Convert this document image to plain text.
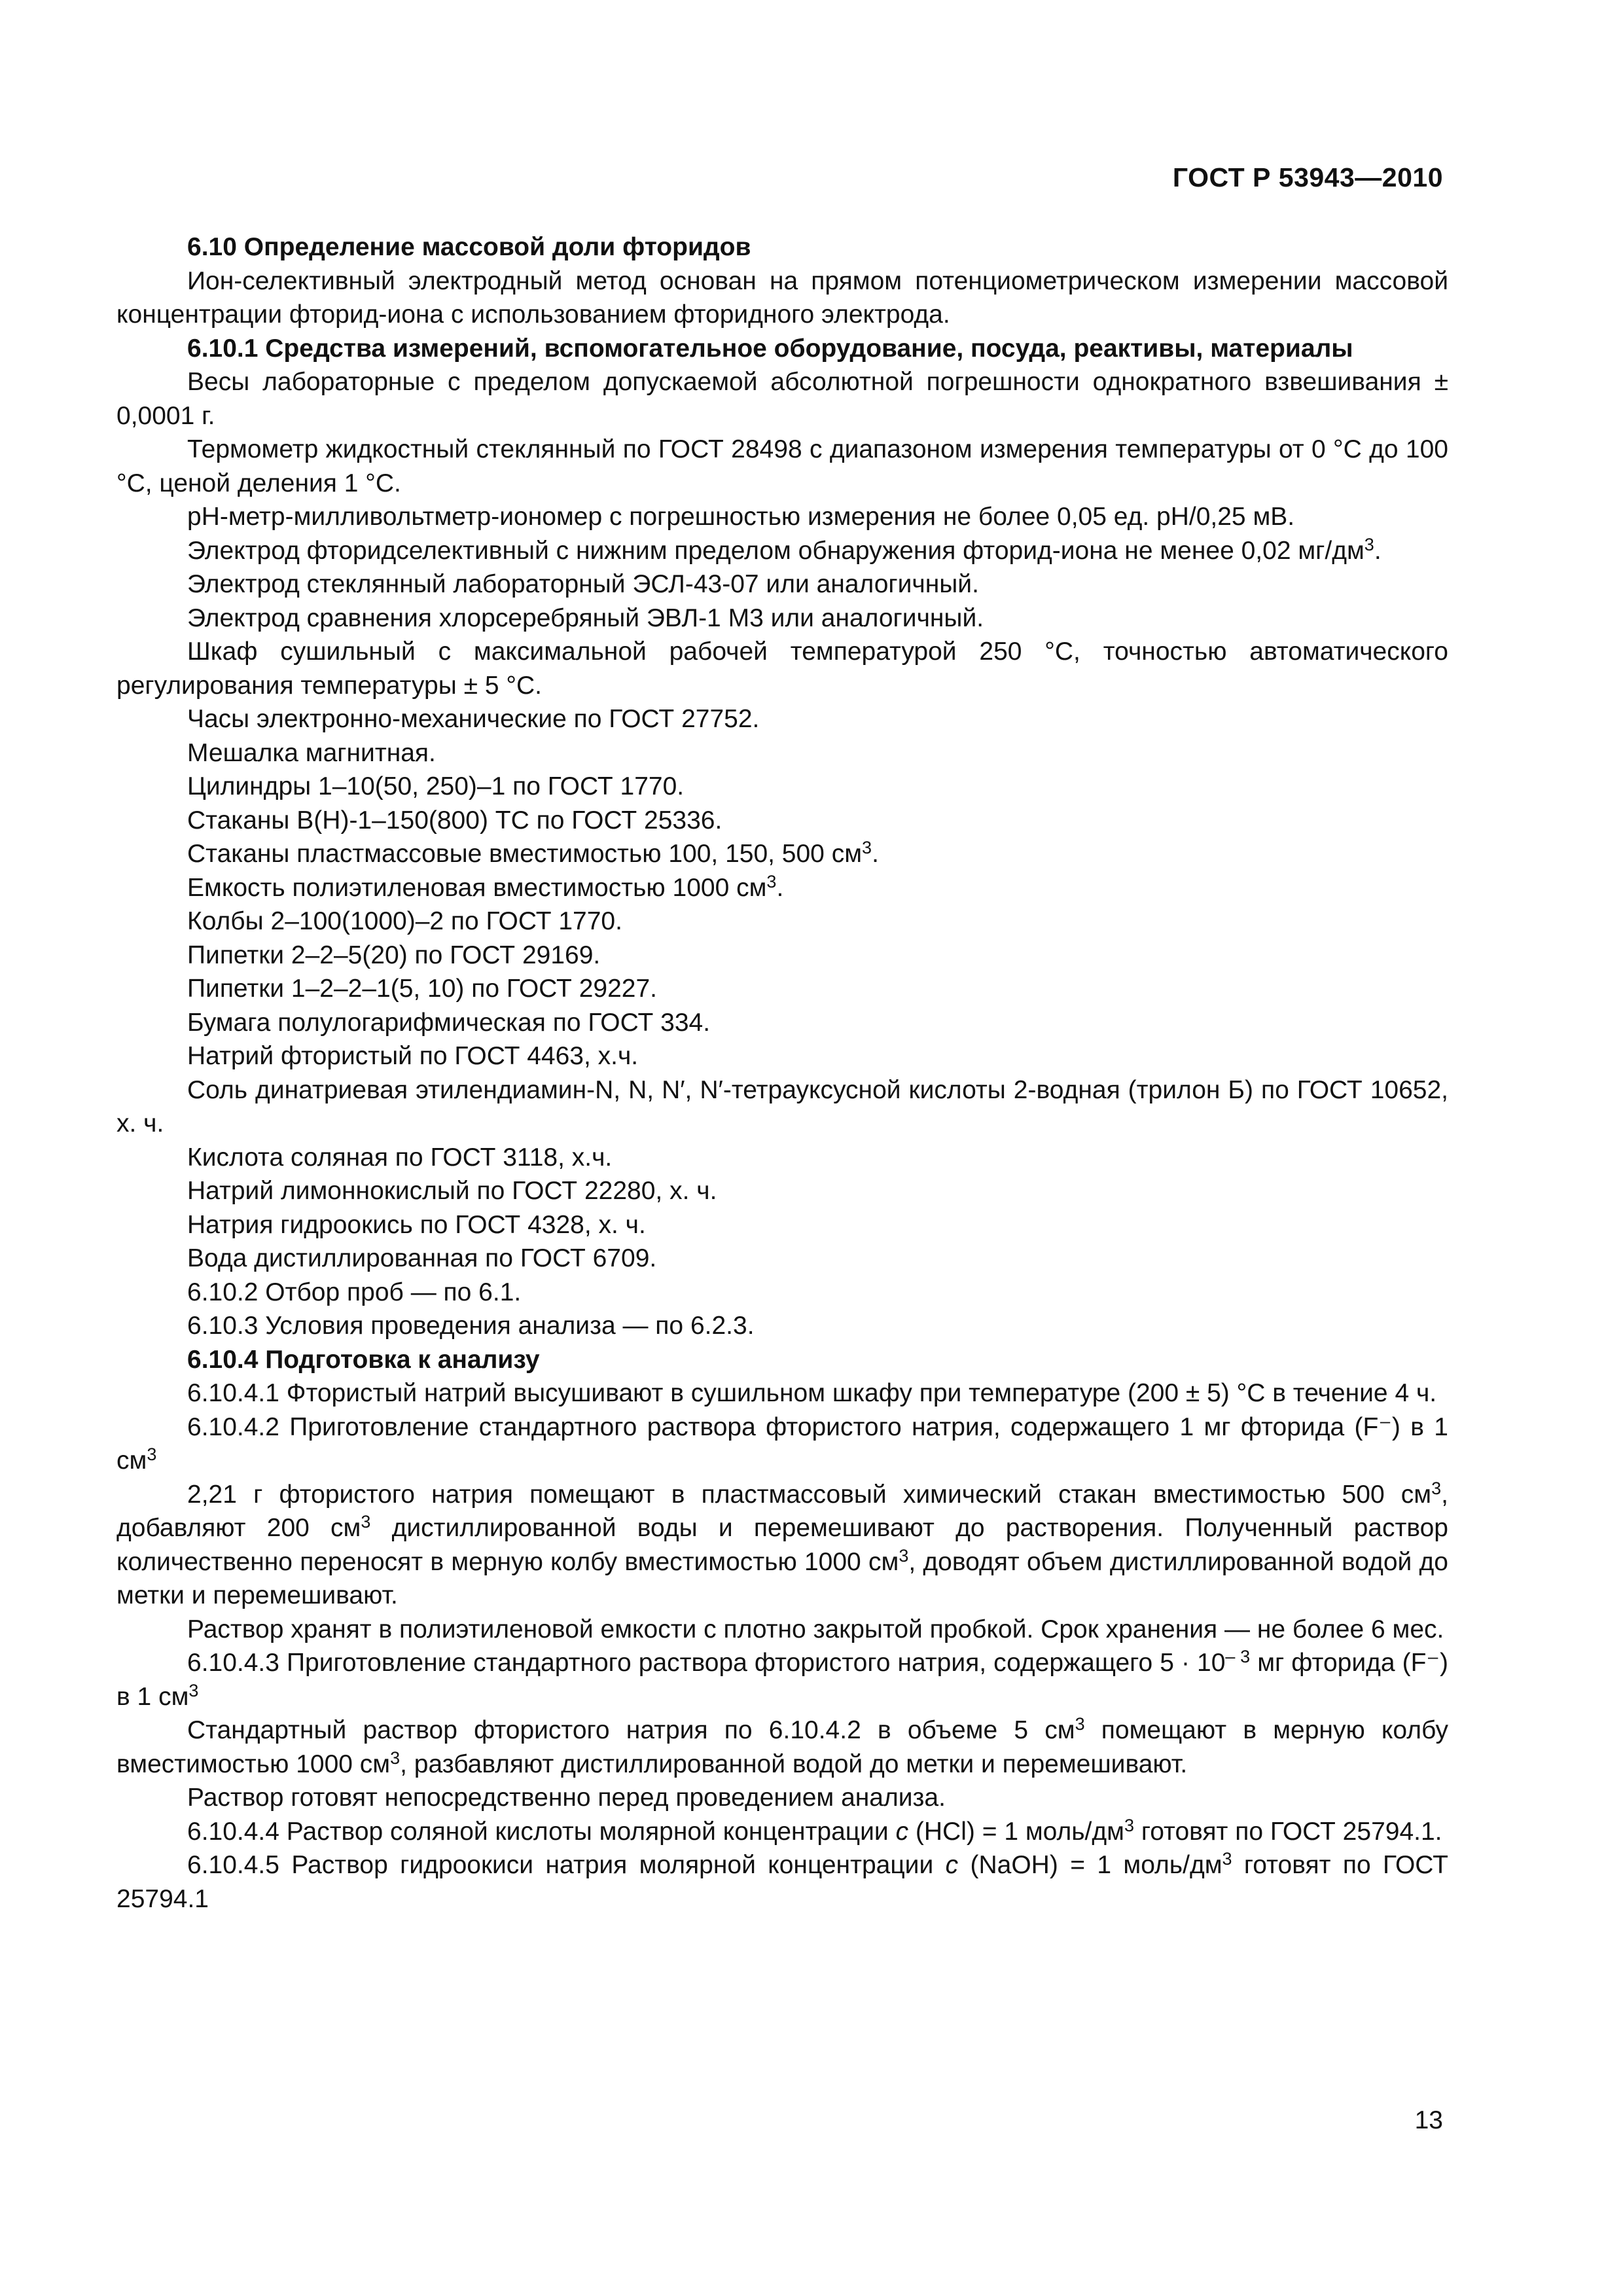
ГОСТ Р 53943—2010

6.10 Определение массовой доли фторидов

Ион-селективный электродный метод основан на прямом потенциометрическом измерении массовой концентрации фторид-иона с использованием фторидного электрода.

6.10.1 Средства измерений, вспомогательное оборудование, посуда, реактивы, материалы

Весы лабораторные с пределом допускаемой абсолютной погрешности однократного взвешивания ± 0,0001 г.

Термометр жидкостный стеклянный по ГОСТ 28498 с диапазоном измерения температуры от 0 °С до 100 °С, ценой деления 1 °С.

pH-метр-милливольтметр-иономер с погрешностью измерения не более 0,05 ед. pH/0,25 мВ.

Электрод фторидселективный с нижним пределом обнаружения фторид-иона не менее 0,02 $мг/дм^3$.

Электрод стеклянный лабораторный ЭСЛ-43-07 или аналогичный.

Электрод сравнения хлорсеребряный ЭВЛ-1 М3 или аналогичный.

Шкаф сушильный с максимальной рабочей температурой 250 °С, точностью автоматического регулирования температуры ± 5 °С.

Часы электронно-механические по ГОСТ 27752.

Мешалка магнитная.

Цилиндры 1–10(50, 250)–1 по ГОСТ 1770.

Стаканы В(Н)-1–150(800) ТС по ГОСТ 25336.

Стаканы пластмассовые вместимостью 100, 150, 500 $см^3$.

Емкость полиэтиленовая вместимостью 1000 $см^3$.

Колбы 2–100(1000)–2 по ГОСТ 1770.

Пипетки 2–2–5(20) по ГОСТ 29169.

Пипетки 1–2–2–1(5, 10) по ГОСТ 29227.

Бумага полулогарифмическая по ГОСТ 334.

Натрий фтористый по ГОСТ 4463, х.ч.

Соль динатриевая этилендиамин-N, N, N′, N′-тетрауксусной кислоты 2-водная (трилон Б) по ГОСТ 10652, х. ч.

Кислота соляная по ГОСТ 3118, х.ч.

Натрий лимоннокислый по ГОСТ 22280, х. ч.

Натрия гидроокись по ГОСТ 4328, х. ч.

Вода дистиллированная по ГОСТ 6709.

6.10.2 Отбор проб — по 6.1.

6.10.3 Условия проведения анализа — по 6.2.3.

6.10.4 Подготовка к анализу

6.10.4.1 Фтористый натрий высушивают в сушильном шкафу при температуре (200 ± 5) °С в течение 4 ч.

6.10.4.2 Приготовление стандартного раствора фтористого натрия, содержащего 1 мг фторида (F⁻) в 1 $см^3$

2,21 г фтористого натрия помещают в пластмассовый химический стакан вместимостью 500 $см^3$, добавляют 200 $см^3$ дистиллированной воды и перемешивают до растворения. Полученный раствор количественно переносят в мерную колбу вместимостью 1000 $см^3$, доводят объем дистиллированной водой до метки и перемешивают.

Раствор хранят в полиэтиленовой емкости с плотно закрытой пробкой. Срок хранения — не более 6 мес.

6.10.4.3 Приготовление стандартного раствора фтористого натрия, содержащего $5 \cdot 10^{- 3}$ мг фторида (F⁻) в 1 $см^3$

Стандартный раствор фтористого натрия по 6.10.4.2 в объеме 5 $см^3$ помещают в мерную колбу вместимостью 1000 $см^3$, разбавляют дистиллированной водой до метки и перемешивают.

Раствор готовят непосредственно перед проведением анализа.

6.10.4.4 Раствор соляной кислоты молярной концентрации c (HCl) = 1 моль/$дм^3$ готовят по ГОСТ 25794.1.

6.10.4.5 Раствор гидроокиси натрия молярной концентрации c (NaOH) = 1 моль/$дм^3$ готовят по ГОСТ 25794.1

13
